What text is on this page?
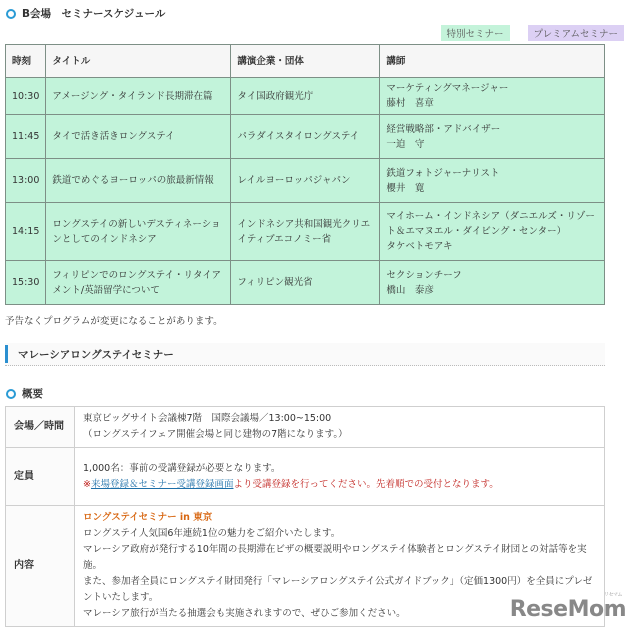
B会場　セミナースケジュール
特別セミナー	プレミアムセミナー
時刻	タイトル	講演企業・団体	講師
10:30	アメージング・タイランド長期滞在篇	タイ国政府観光庁	マーケティングマネージャー
藤村　喜章

11:45	タイで活き活きロングステイ	パラダイスタイロングステイ	経営戦略部・アドバイザー
一迫　守

13:00	鉄道でめぐるヨーロッパの旅最新情報	レイルヨーロッパジャパン	鉄道フォトジャーナリスト
櫻井　寛

14:15	ロングステイの新しいデスティネーションとしてのインドネシア	インドネシア共和国観光クリエイティブエコノミー省	マイホーム・インドネシア（ダニエルズ・リゾート＆エマヌエル・ダイビング・センター）
タケベトモアキ

15:30	フィリピンでのロングステイ・リタイアメント/英語留学について	フィリピン観光省	セクションチーフ
橋山　泰彦
予告なくプログラムが変更になることがあります。
マレーシアロングステイセミナー
概要
会場／時間	東京ビッグサイト会議棟7階　国際会議場／13:00~15:00
（ロングステイフェア開催会場と同じ建物の7階になります。）

定員	1,000名：事前の受講登録が必要となります。
※来場登録＆セミナー受講登録画面より受講登録を行ってください。先着順での受付となります。

内容	ロングステイセミナー in 東京
ロングステイ人気国6年連続1位の魅力をご紹介いたします。
マレーシア政府が発行する10年間の長期滞在ビザの概要説明やロングステイ体験者とロングステイ財団との対話等を実施。
また、参加者全員にロングステイ財団発行「マレーシアロングステイ公式ガイドブック」（定価1300円）を全員にプレゼントいたします。
マレーシア旅行が当たる抽選会も実施されますので、ぜひご参加ください。
リセマム
ReseMom
